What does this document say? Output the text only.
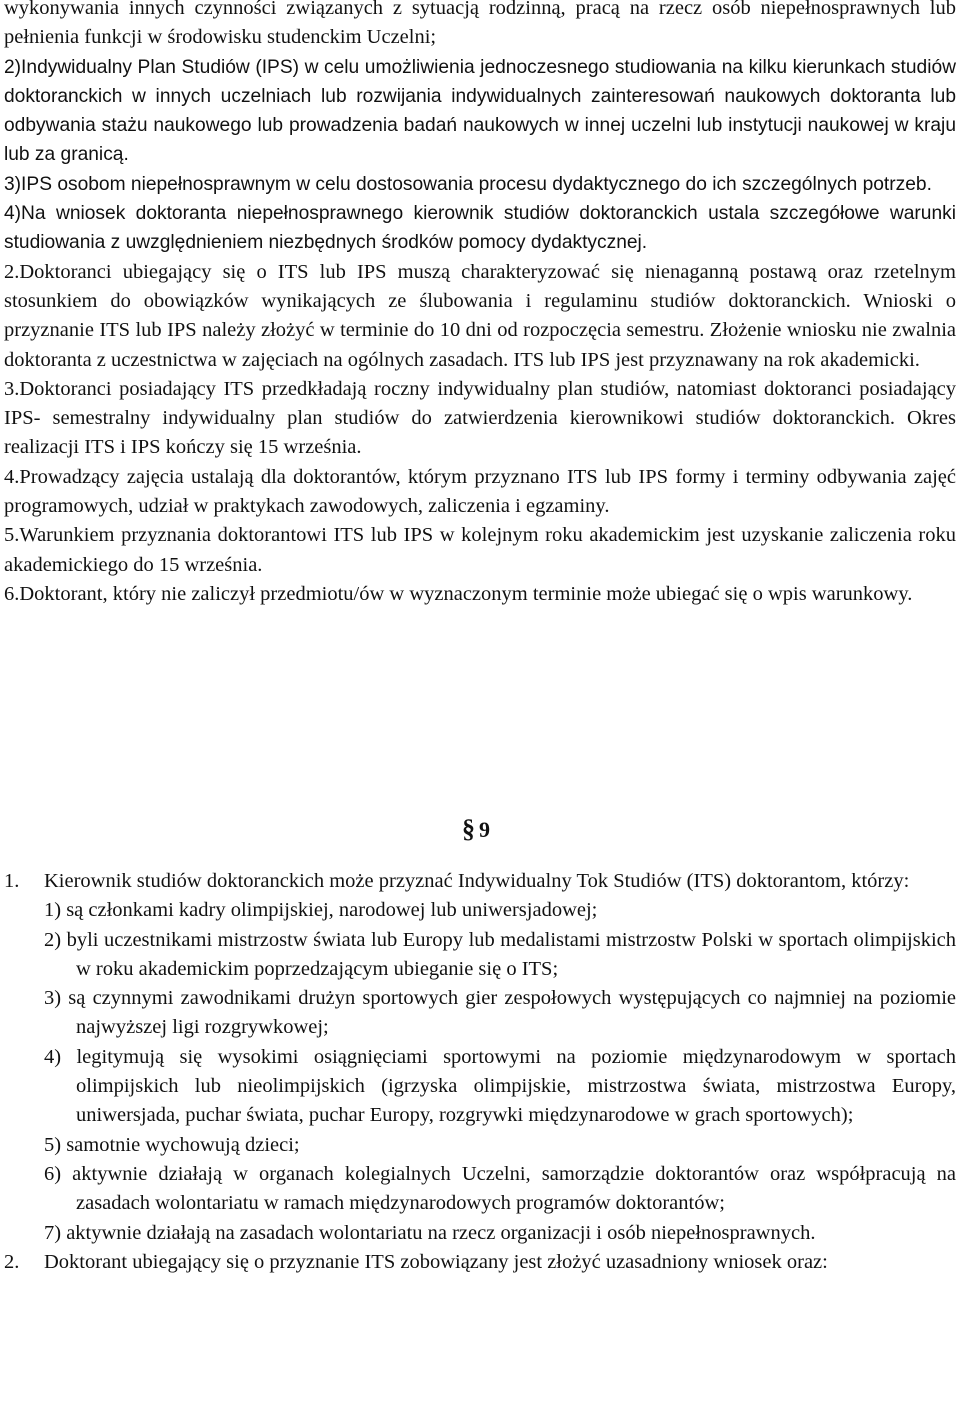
wykonywania innych czynności związanych z sytuacją rodzinną, pracą na rzecz osób niepełnosprawnych lub pełnienia funkcji w środowisku studenckim Uczelni;

2)Indywidualny Plan Studiów (IPS) w celu umożliwienia jednoczesnego studiowania na kilku kierunkach studiów doktoranckich w innych uczelniach lub rozwijania indywidualnych zainteresowań naukowych doktoranta lub odbywania stażu naukowego lub prowadzenia badań naukowych w innej uczelni lub instytucji naukowej w kraju lub za granicą.

3)IPS osobom niepełnosprawnym w celu dostosowania procesu dydaktycznego do ich szczególnych potrzeb.

4)Na wniosek doktoranta niepełnosprawnego kierownik studiów doktoranckich ustala szczegółowe warunki studiowania z uwzględnieniem niezbędnych środków pomocy dydaktycznej.

2.Doktoranci ubiegający się o ITS lub IPS muszą charakteryzować się nienaganną postawą oraz rzetelnym stosunkiem do obowiązków wynikających ze ślubowania i regulaminu studiów doktoranckich. Wnioski o przyznanie ITS lub IPS należy złożyć w terminie do 10 dni od rozpoczęcia semestru. Złożenie wniosku nie zwalnia doktoranta z uczestnictwa w zajęciach na ogólnych zasadach. ITS lub IPS jest przyznawany na rok akademicki.

3.Doktoranci posiadający ITS przedkładają roczny indywidualny plan studiów, natomiast doktoranci posiadający IPS- semestralny indywidualny plan studiów do zatwierdzenia kierownikowi studiów doktoranckich. Okres realizacji ITS i IPS kończy się 15 września.

4.Prowadzący zajęcia ustalają dla doktorantów, którym przyznano ITS lub IPS formy i terminy odbywania zajęć programowych, udział w praktykach zawodowych, zaliczenia i egzaminy.

5.Warunkiem przyznania doktorantowi ITS lub IPS w kolejnym roku akademickim jest uzyskanie zaliczenia roku akademickiego do 15 września.

6.Doktorant, który nie zaliczył przedmiotu/ów w wyznaczonym terminie może ubiegać się o wpis warunkowy.

§ 9
1.	Kierownik studiów doktoranckich może przyznać Indywidualny Tok Studiów (ITS) doktorantom, którzy:
1) są członkami kadry olimpijskiej, narodowej lub uniwersjadowej;
2) byli uczestnikami mistrzostw świata lub Europy lub medalistami mistrzostw Polski w sportach olimpijskich w roku akademickim poprzedzającym ubieganie się o ITS;
3) są czynnymi zawodnikami drużyn sportowych gier zespołowych występujących co najmniej na poziomie najwyższej ligi rozgrywkowej;
4) legitymują się wysokimi osiągnięciami sportowymi na poziomie międzynarodowym w sportach olimpijskich lub nieolimpijskich (igrzyska olimpijskie, mistrzostwa świata, mistrzostwa Europy, uniwersjada, puchar świata, puchar Europy, rozgrywki międzynarodowe w grach sportowych);
5) samotnie wychowują dzieci;
6) aktywnie działają w organach kolegialnych Uczelni, samorządzie doktorantów oraz współpracują na zasadach wolontariatu w ramach międzynarodowych programów doktorantów;
7) aktywnie działają na zasadach wolontariatu na rzecz organizacji i osób niepełnosprawnych.
2.	Doktorant ubiegający się o przyznanie ITS zobowiązany jest złożyć uzasadniony wniosek oraz:
